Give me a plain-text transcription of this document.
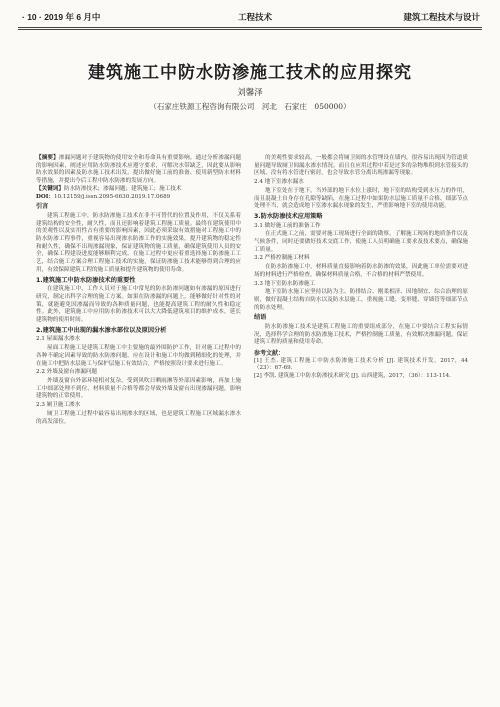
· 10 · 2019 年 6 月中	工程技术	建筑工程技术与设计
建筑施工中防水防渗施工技术的应用探究
刘馨泽
（石家庄铁源工程咨询有限公司　河北　石家庄　050000）

【摘要】渗漏问题对于建筑物的使用安全和寿命具有重要影响。通过分析渗漏问题的影响因素，阐述应用防水防渗技术应遵守要求，可解决水带缺乏，因此要从影响防水效果的因素及防水施工技术出发，提出做好施工前的准备、使用新型防水材料等措施，并提出今后工程中防水防渗的发展方向。

【关键词】防水防渗技术；渗漏问题；建筑施工；施工技术
DOI：10.12159/j.issn.2095-6630.2019.17.0689
引言

建筑工程施工中，防水防渗施工技术在非不可替代的位置及作用，不仅关系着建筑结构的安全性，耐久性，而且还影响着建筑工程施工质量。最终在建筑使用中的美观性以及实用性占有重要的影响因素，因此必须采取有效措施对工程施工中的防水防渗工程事件，重视容易出现渗水防渗工作的实施效果，提升建筑物的稳定性和耐久性，确保不出现渗漏现象，保证建筑物的施工质量，确保建筑使用人员的安全，确保工程建设进度能够顺利完成。在施工过程中更应着重选择施工防渗施工工艺，结合施工方案合理工程施工技术的实施，保证防渗施工技术能够得到合理的应用，有效保障建筑工程的施工质量和提升建筑物的使用寿命。

1.建筑施工中防水防渗技术的重要性

在建筑施工中，工作人员对于施工中常见的防水防渗问题如有渗漏的原因进行研究，制定出科学合理的施工方案。如果在防渗漏的问题上，能够做好针对性的对策，就能避免因渗漏而导致的各种质量问题，也能提高建筑工程的耐久性和稳定性。此外，建筑施工中应用防水防渗技术可以大大降低建筑项目的维护成本，延长建筑物的使用时间。

2.建筑施工中出现的漏水渗水部位以及原因分析
2.1 屋面漏水渗水

屋面工程施工是建筑工程施工中主要施的最外围防护工作，针对施工过程中的各种不确定因素导致的防水防渗问题，应在设计和施工中均做到精细化的处理，并在施工中把防水层施工与保护层施工有效结合，严格按照设计要求进行施工。

2.2 外墙及窗台渗漏问题

外墙及窗台外部环境相对复杂，受到风吹日晒雨淋等外部因素影响，再加上施工中细部处理不到位、材料质量不合格等都会导致外墙及窗台出现渗漏问题，影响建筑物的正常使用。

2.3 厕卫施工渗水

厕卫工程施工过程中最容易出现渗水的区域，也是建筑工程施工区域漏水渗水的高发部位。

的美观性要求较高，一般都会将厕卫间的水管埋设在墙内，很容易出现因为管道质量问题导致厕卫间漏水渗水情况。而且在应用过程中若是过多的杂物堆积到水管接头的区域，没有将水管进行密封，也会导致水管分离出现渗漏等现象。

2.4 地下室渗水漏水

地下室处在于地下，当外部的地下水位上涨时，地下室的结构受到水压力的作用，而且混凝土自身存在孔隙等缺陷，在施工过程中如果防水层施工质量不合格、细部节点处理不当，就会造成地下室渗水漏水现象的发生，严重影响地下室的使用功能。

3.防水防渗技术应用策略
3.1 做好施工前的准备工作

在正式施工之前，需要对施工现场进行全面的勘察，了解施工现场的地质条件以及气候条件，同时还要做好技术交底工作，使施工人员明确施工要求及技术要点，确保施工质量。

3.2 严格控制施工材料

在防水防渗施工中，材料质量直接影响着防水防渗的效果，因此施工单位需要对进场的材料进行严格检查，确保材料质量合格，不合格的材料严禁使用。

3.3 地下室防水防渗施工

地下室防水施工应坚持以防为主、防排结合、刚柔相济、因地制宜、综合治理的原则，做好混凝土结构自防水以及防水层施工，重视施工缝、变形缝、穿墙管等细部节点的防水处理。

结语

防水防渗施工技术是建筑工程施工的重要组成部分，在施工中要结合工程实际情况，选择科学合理的防水防渗施工技术，严格控制施工质量，有效解决渗漏问题，保证建筑工程的质量和使用寿命。

参考文献：
[1] 王杰. 建筑工程施工中防水防渗施工技术分析 [J]. 建筑技术开发，2017，44（23）：67-69.
[2] 李凯. 建筑施工中防水防渗技术研究 [J]. 山西建筑，2017，（36）：113-114.
